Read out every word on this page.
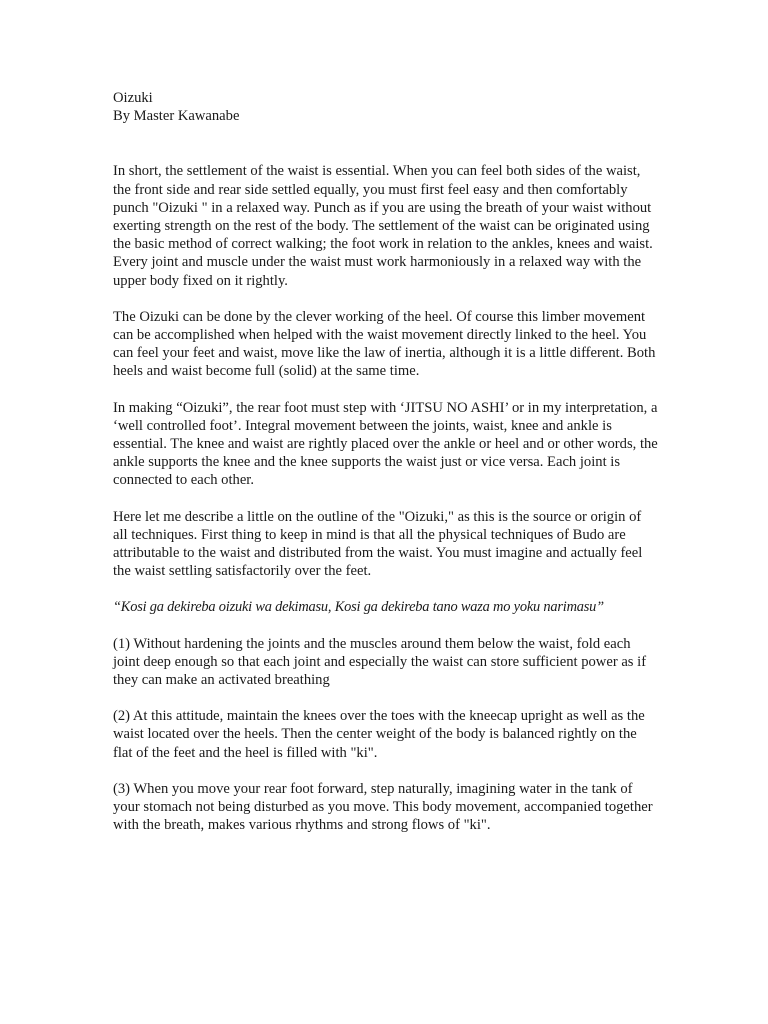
Oizuki
By Master Kawanabe

In short, the settlement of the waist is essential. When you can feel both sides of the waist, the front side and rear side settled equally, you must first feel easy and then comfortably punch "Oizuki " in a relaxed way. Punch as if you are using the breath of your waist without exerting strength on the rest of the body. The settlement of the waist can be originated using the basic method of correct walking; the foot work in relation to the ankles, knees and waist. Every joint and muscle under the waist must work harmoniously in a relaxed way with the upper body fixed on it rightly.

The Oizuki can be done by the clever working of the heel. Of course this limber movement can be accomplished when helped with the waist movement directly linked to the heel. You can feel your feet and waist, move like the law of inertia, although it is a little different. Both heels and waist become full (solid) at the same time.

In making “Oizuki”, the rear foot must step with ‘JITSU NO ASHI’ or in my interpretation, a ‘well controlled foot’. Integral movement between the joints, waist, knee and ankle is essential. The knee and waist are rightly placed over the ankle or heel and or other words, the ankle supports the knee and the knee supports the waist just or vice versa. Each joint is connected to each other.

Here let me describe a little on the outline of the "Oizuki," as this is the source or origin of all techniques. First thing to keep in mind is that all the physical techniques of Budo are attributable to the waist and distributed from the waist. You must imagine and actually feel the waist settling satisfactorily over the feet.

“Kosi ga dekireba oizuki wa dekimasu, Kosi ga dekireba tano waza mo yoku narimasu”

(1) Without hardening the joints and the muscles around them below the waist, fold each joint deep enough so that each joint and especially the waist can store sufficient power as if they can make an activated breathing

(2) At this attitude, maintain the knees over the toes with the kneecap upright as well as the waist located over the heels. Then the center weight of the body is balanced rightly on the flat of the feet and the heel is filled with "ki".

(3) When you move your rear foot forward, step naturally, imagining water in the tank of your stomach not being disturbed as you move. This body movement, accompanied together with the breath, makes various rhythms and strong flows of "ki".
